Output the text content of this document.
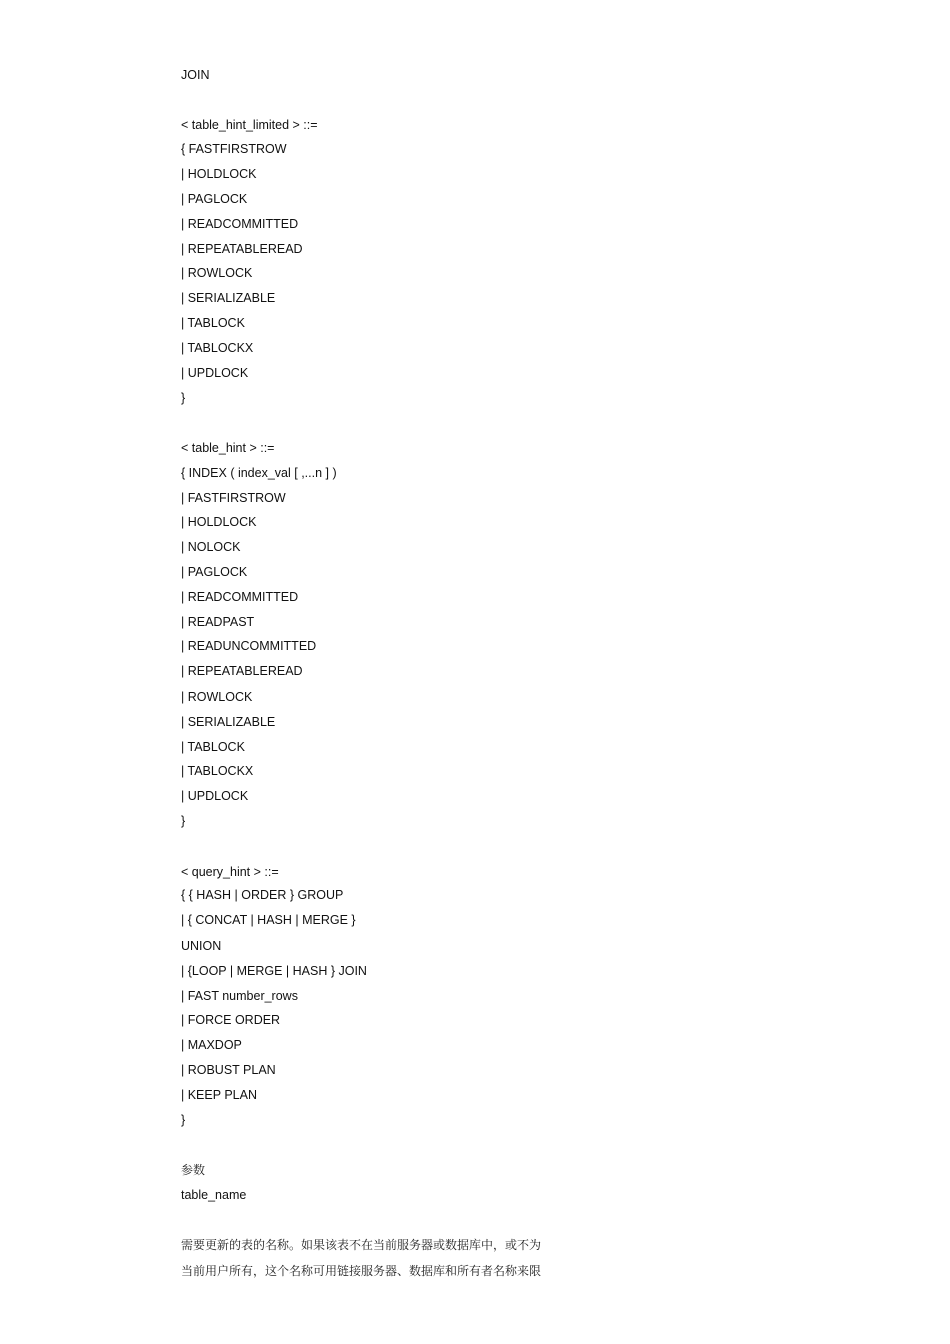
JOIN
< table_hint_limited > ::=
{ FASTFIRSTROW
| HOLDLOCK
| PAGLOCK
| READCOMMITTED
| REPEATABLEREAD
| ROWLOCK
| SERIALIZABLE
| TABLOCK
| TABLOCKX
| UPDLOCK
}
< table_hint > ::=
{ INDEX ( index_val [ ,...n ] )
| FASTFIRSTROW
| HOLDLOCK
| NOLOCK
| PAGLOCK
| READCOMMITTED
| READPAST
| READUNCOMMITTED
| REPEATABLEREAD
| ROWLOCK
| SERIALIZABLE
| TABLOCK
| TABLOCKX
| UPDLOCK
}
< query_hint > ::=
{ { HASH | ORDER } GROUP
| { CONCAT | HASH | MERGE }
UNION
| {LOOP | MERGE | HASH } JOIN
| FAST number_rows
| FORCE ORDER
| MAXDOP
| ROBUST PLAN
| KEEP PLAN
}
参数
table_name
需要更新的表的名称。如果该表不在当前服务器或数据库中，或不为
当前用户所有，这个名称可用链接服务器、数据库和所有者名称来限
